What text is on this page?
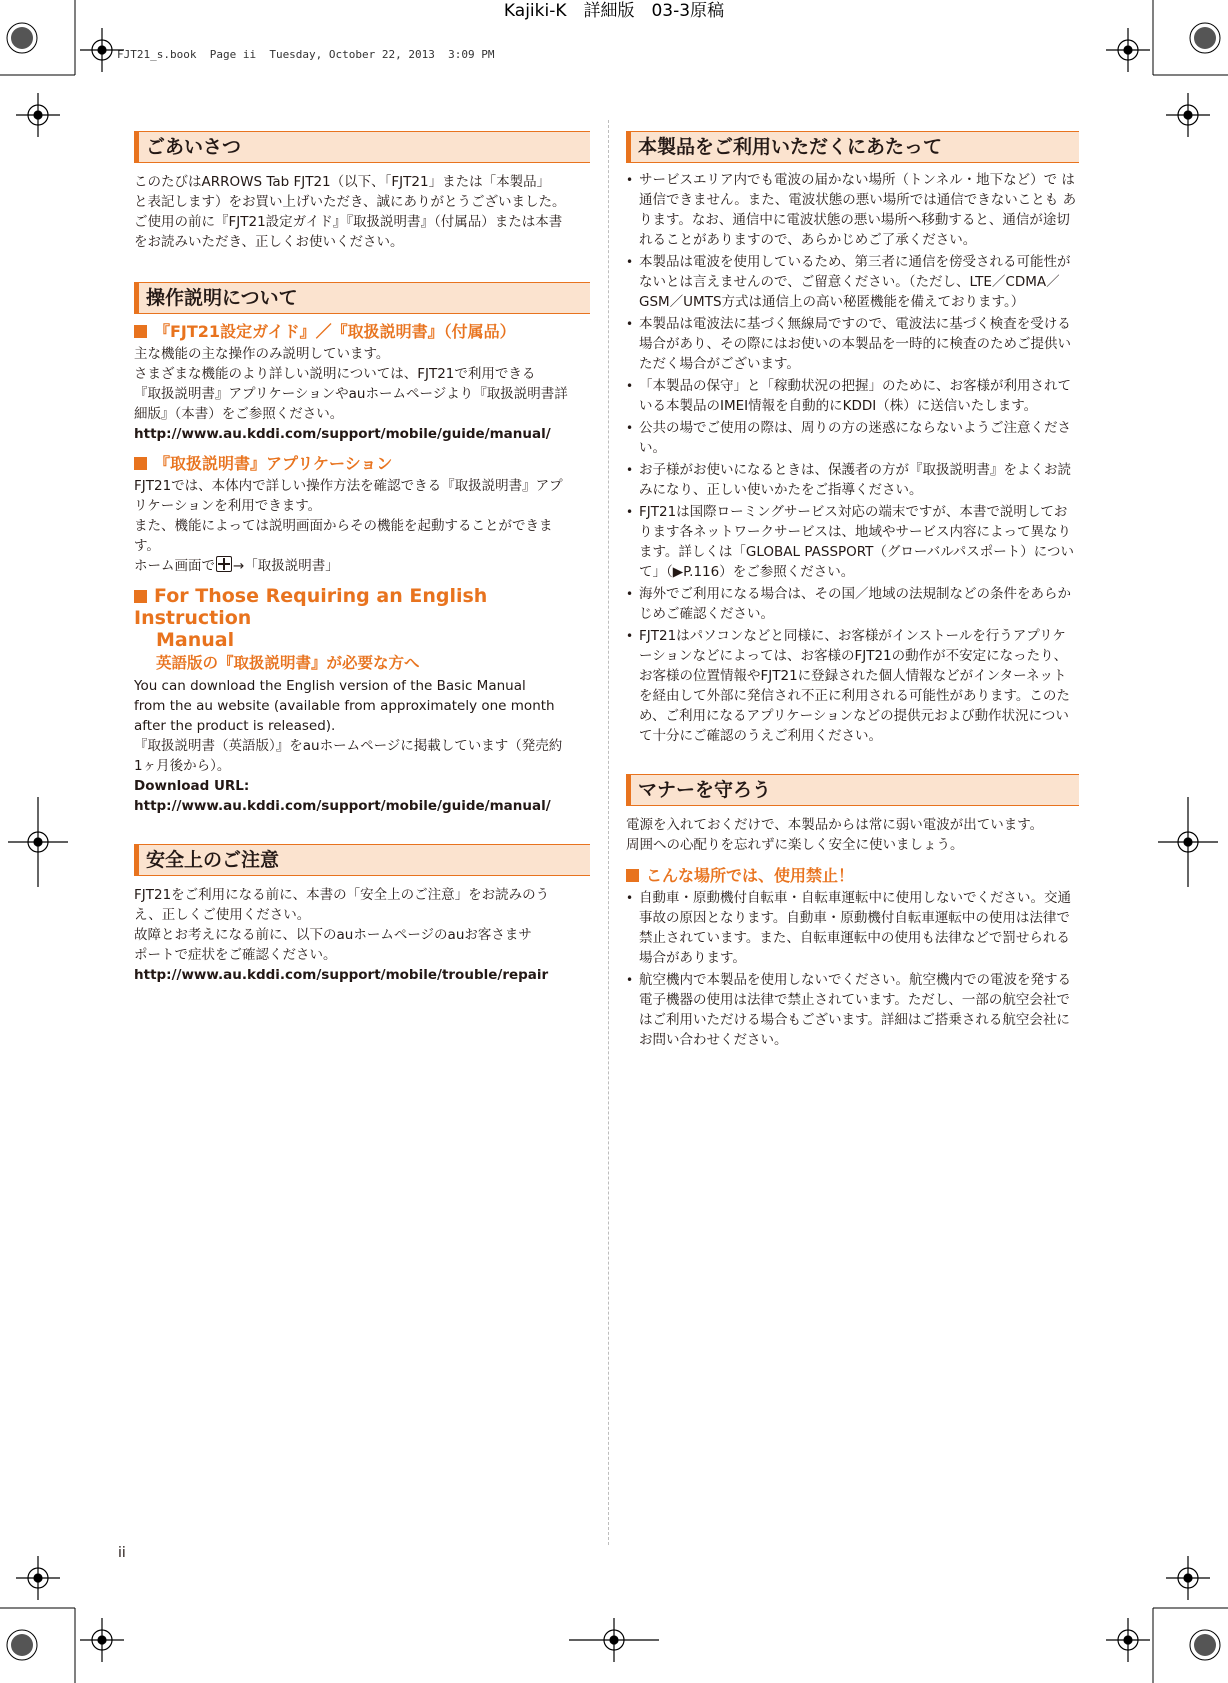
Kajiki-K　詳細版　03-3原稿
FJT21_s.book  Page ii  Tuesday, October 22, 2013  3:09 PM
ごあいさつ

このたびはARROWS Tab FJT21（以下、「FJT21」または「本製品」

と表記します）をお買い上げいただき、誠にありがとうございました。

ご使用の前に『FJT21設定ガイド』『取扱説明書』（付属品）または本書

をお読みいただき、正しくお使いください。

操作説明について

『FJT21設定ガイド』／『取扱説明書』（付属品）

主な機能の主な操作のみ説明しています。

さまざまな機能のより詳しい説明については、FJT21で利用できる

『取扱説明書』アプリケーションやauホームページより『取扱説明書詳

細版』（本書）をご参照ください。

http://www.au.kddi.com/support/mobile/guide/manual/

『取扱説明書』アプリケーション

FJT21では、本体内で詳しい操作方法を確認できる『取扱説明書』アプ

リケーションを利用できます。

また、機能によっては説明画面からその機能を起動することができま

す。

ホーム画面で →「取扱説明書」

For Those Requiring an English Instruction
Manual

英語版の『取扱説明書』が必要な方へ

You can download the English version of the Basic Manual

from the au website (available from approximately one month

after the product is released).

『取扱説明書（英語版）』をauホームページに掲載しています（発売約

1ヶ月後から）。

Download URL:

http://www.au.kddi.com/support/mobile/guide/manual/

安全上のご注意

FJT21をご利用になる前に、本書の「安全上のご注意」をお読みのう

え、正しくご使用ください。

故障とお考えになる前に、以下のauホームページのauお客さまサ

ポートで症状をご確認ください。

http://www.au.kddi.com/support/mobile/trouble/repair

本製品をご利用いただくにあたって
• サービスエリア内でも電波の届かない場所（トンネル・地下など）で は通信できません。また、電波状態の悪い場所では通信できないことも あります。なお、通信中に電波状態の悪い場所へ移動すると、通信が途切れることがありますので、あらかじめご了承ください。
• 本製品は電波を使用しているため、第三者に通信を傍受される可能性がないとは言えませんので、ご留意ください。（ただし、LTE／CDMA／GSM／UMTS方式は通信上の高い秘匿機能を備えております。）
• 本製品は電波法に基づく無線局ですので、電波法に基づく検査を受ける場合があり、その際にはお使いの本製品を一時的に検査のためご提供いただく場合がございます。
• 「本製品の保守」と「稼動状況の把握」のために、お客様が利用されている本製品のIMEI情報を自動的にKDDI（株）に送信いたします。
• 公共の場でご使用の際は、周りの方の迷惑にならないようご注意ください。
• お子様がお使いになるときは、保護者の方が『取扱説明書』をよくお読みになり、正しい使いかたをご指導ください。
• FJT21は国際ローミングサービス対応の端末ですが、本書で説明しております各ネットワークサービスは、地域やサービス内容によって異なります。詳しくは「GLOBAL PASSPORT（グローバルパスポート）について」（▶P.116）をご参照ください。
• 海外でご利用になる場合は、その国／地域の法規制などの条件をあらかじめご確認ください。
• FJT21はパソコンなどと同様に、お客様がインストールを行うアプリケーションなどによっては、お客様のFJT21の動作が不安定になったり、お客様の位置情報やFJT21に登録された個人情報などがインターネットを経由して外部に発信され不正に利用される可能性があります。このため、ご利用になるアプリケーションなどの提供元および動作状況について十分にご確認のうえご利用ください。
マナーを守ろう

電源を入れておくだけで、本製品からは常に弱い電波が出ています。

周囲への心配りを忘れずに楽しく安全に使いましょう。

こんな場所では、使用禁止！

• 自動車・原動機付自転車・自転車運転中に使用しないでください。交通事故の原因となります。自動車・原動機付自転車運転中の使用は法律で禁止されています。また、自転車運転中の使用も法律などで罰せられる場合があります。
• 航空機内で本製品を使用しないでください。航空機内での電波を発する電子機器の使用は法律で禁止されています。ただし、一部の航空会社ではご利用いただける場合もございます。詳細はご搭乗される航空会社にお問い合わせください。
ii
